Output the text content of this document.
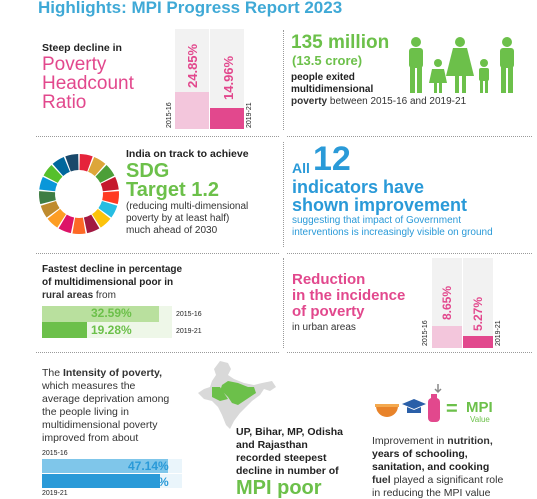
Highlights: MPI Progress Report 2023
Steep decline in
Poverty
Headcount
Ratio
24.85% 14.96%
2015-16	2019-21
135 million
(13.5 crore)
people exited
multidimensional
poverty between 2015-16 and 2019-21
India on track to achieve
SDG
Target 1.2
(reducing multi-dimensional
poverty by at least half)
much ahead of 2030
All 12
indicators have
shown improvement
suggesting that impact of Government
interventions is increasingly visible on ground
Fastest decline in percentage
of multidimensional poor in
rural areas from
32.59%	2015-16
19.28%	2019-21
Reduction
in the incidence
of poverty
in urban areas
8.65% 5.27%
2015-16	2019-21
The Intensity of poverty,
which measures the
average deprivation among
the people living in
multidimensional poverty
improved from about
2015-16
47.14%
44.39%
2019-21
UP, Bihar, MP, Odisha
and Rajasthan
recorded steepest
decline in number of
MPI poor
= MPI
Value
Improvement in nutrition,
years of schooling,
sanitation, and cooking
fuel played a significant role
in reducing the MPI value
